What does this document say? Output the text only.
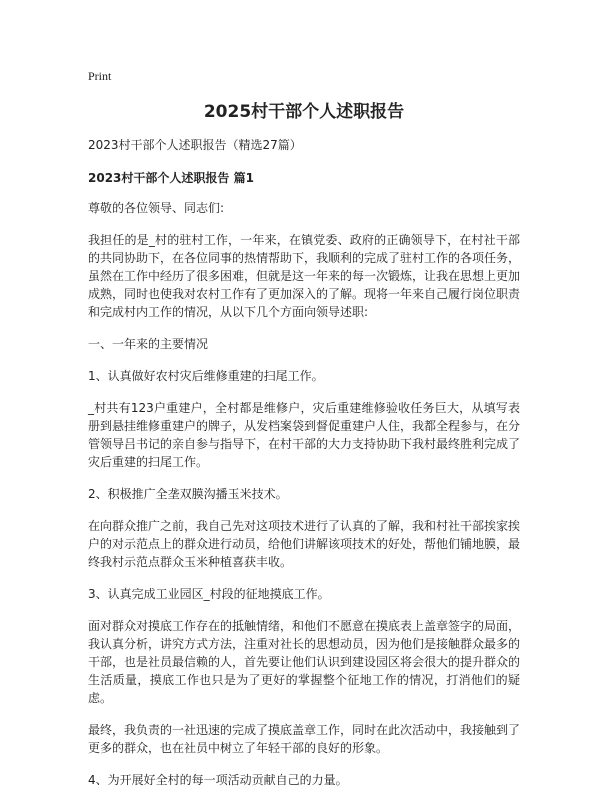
Print
2025村干部个人述职报告
2023村干部个人述职报告（精选27篇）
2023村干部个人述职报告 篇1

尊敬的各位领导、同志们:

我担任的是_村的驻村工作，一年来，在镇党委、政府的正确领导下，在村社干部的共同协助下，在各位同事的热情帮助下，我顺利的完成了驻村工作的各项任务，虽然在工作中经历了很多困难，但就是这一年来的每一次锻炼，让我在思想上更加成熟，同时也使我对农村工作有了更加深入的了解。现将一年来自己履行岗位职责和完成村内工作的情况，从以下几个方面向领导述职:

一、一年来的主要情况

1、认真做好农村灾后维修重建的扫尾工作。

_村共有123户重建户，全村都是维修户，灾后重建维修验收任务巨大，从填写表册到悬挂维修重建户的牌子，从发档案袋到督促重建户人住，我都全程参与，在分管领导吕书记的亲自参与指导下，在村干部的大力支持协助下我村最终胜利完成了灾后重建的扫尾工作。

2、积极推广全垄双膜沟播玉米技术。

在向群众推广之前，我自己先对这项技术进行了认真的了解，我和村社干部挨家挨户的对示范点上的群众进行动员，给他们讲解该项技术的好处，帮他们铺地膜，最终我村示范点群众玉米种植喜获丰收。

3、认真完成工业园区_村段的征地摸底工作。

面对群众对摸底工作存在的抵触情绪，和他们不愿意在摸底表上盖章签字的局面，我认真分析，讲究方式方法，注重对社长的思想动员，因为他们是接触群众最多的干部，也是社员最信赖的人，首先要让他们认识到建设园区将会很大的提升群众的生活质量，摸底工作也只是为了更好的掌握整个征地工作的情况，打消他们的疑虑。

最终，我负责的一社迅速的完成了摸底盖章工作，同时在此次活动中，我接触到了更多的群众，也在社员中树立了年轻干部的良好的形象。

4、为开展好全村的每一项活动贡献自己的力量。
